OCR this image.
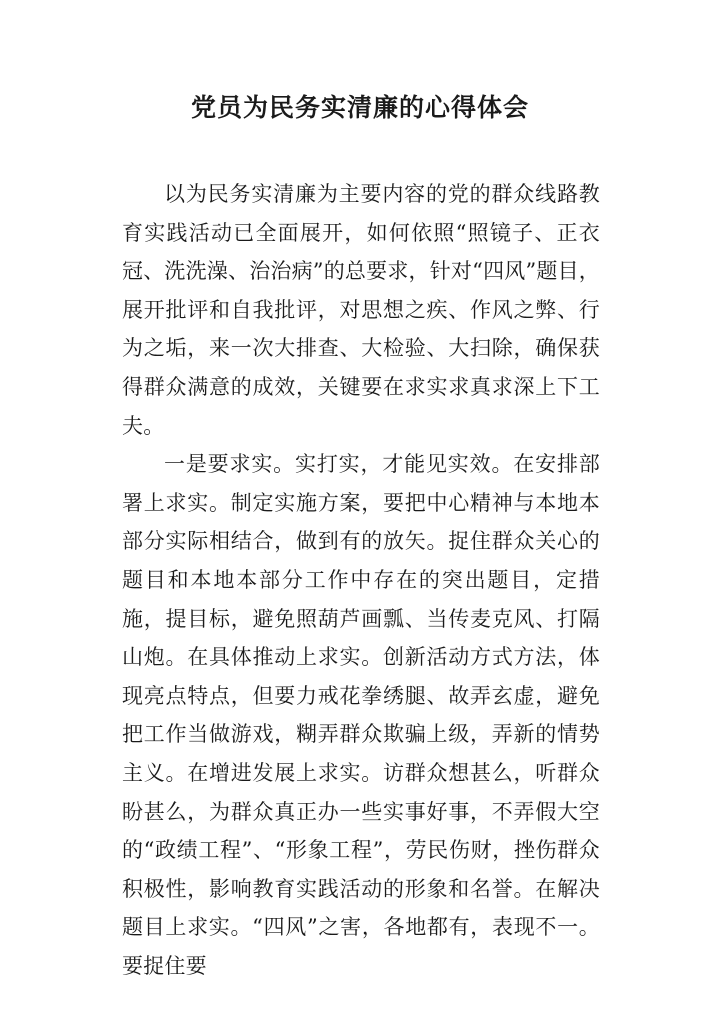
党员为民务实清廉的心得体会

以为民务实清廉为主要内容的党的群众线路教育实践活动已全面展开，如何依照“照镜子、正衣冠、洗洗澡、治治病”的总要求，针对“四风”题目，展开批评和自我批评，对思想之疾、作风之弊、行为之垢，来一次大排查、大检验、大扫除，确保获得群众满意的成效，关键要在求实求真求深上下工夫。

一是要求实。实打实，才能见实效。在安排部署上求实。制定实施方案，要把中心精神与本地本部分实际相结合，做到有的放矢。捉住群众关心的题目和本地本部分工作中存在的突出题目，定措施，提目标，避免照葫芦画瓢、当传麦克风、打隔山炮。在具体推动上求实。创新活动方式方法，体现亮点特点，但要力戒花拳绣腿、故弄玄虚，避免把工作当做游戏，糊弄群众欺骗上级，弄新的情势主义。在增进发展上求实。访群众想甚么，听群众盼甚么，为群众真正办一些实事好事，不弄假大空的“政绩工程”、“形象工程”，劳民伤财，挫伤群众积极性，影响教育实践活动的形象和名誉。在解决题目上求实。“四风”之害，各地都有，表现不一。要捉住要
